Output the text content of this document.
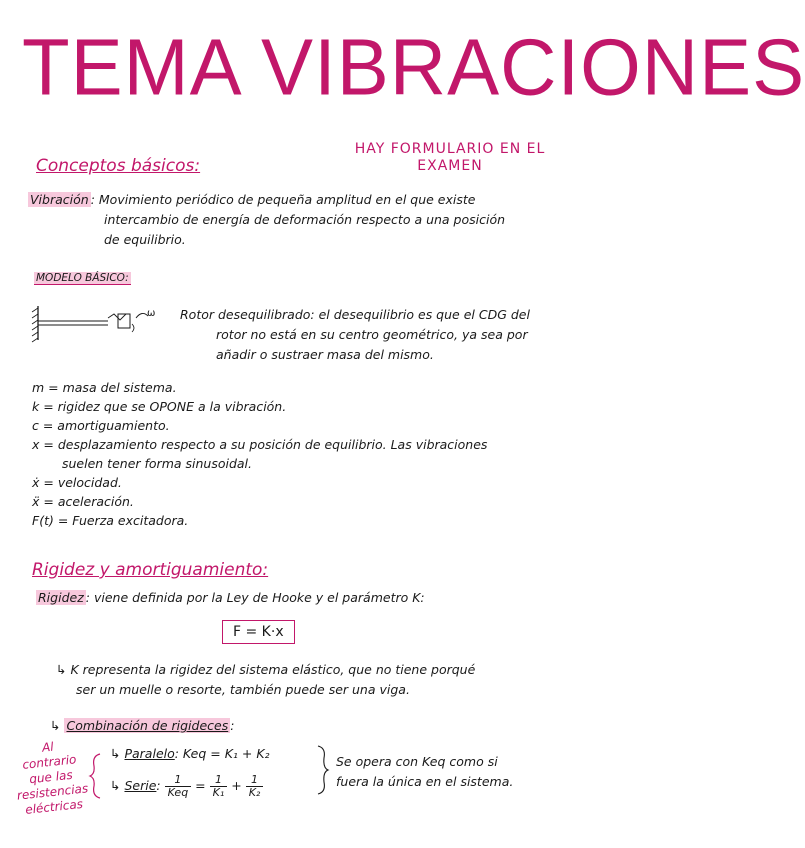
TEMA VIBRACIONES
HAY FORMULARIO EN EL
EXAMEN
Conceptos básicos:
Vibración : Movimiento periódico de pequeña amplitud en el que existe
intercambio de energía de deformación respecto a una posición
de equilibrio.
MODELO BÁSICO:
ω Rotor desequilibrado: el desequilibrio es que el CDG del
rotor no está en su centro geométrico, ya sea por
añadir o sustraer masa del mismo.
m = masa del sistema.
k = rigidez que se OPONE a la vibración.
c = amortiguamiento.
x = desplazamiento respecto a su posición de equilibrio. Las vibraciones
suelen tener forma sinusoidal.
ẋ = velocidad.
ẍ = aceleración.
F(t) = Fuerza excitadora.
Rigidez y amortiguamiento:
Rigidez : viene definida por la Ley de Hooke y el parámetro K:
F = K·x
↳ K representa la rigidez del sistema elástico, que no tiene porqué
ser un muelle o resorte, también puede ser una viga.
↳ Combinación de rigideces :
Al
contrario
que las
resistencias
eléctricas
↳ Paralelo: Keq = K₁ + K₂
↳ Serie: $\frac{1}{\text{Keq}} = \frac{1}{\text{K₁}} + \frac{1}{\text{K₂}}$
Se opera con Keq como si
fuera la única en el sistema.
